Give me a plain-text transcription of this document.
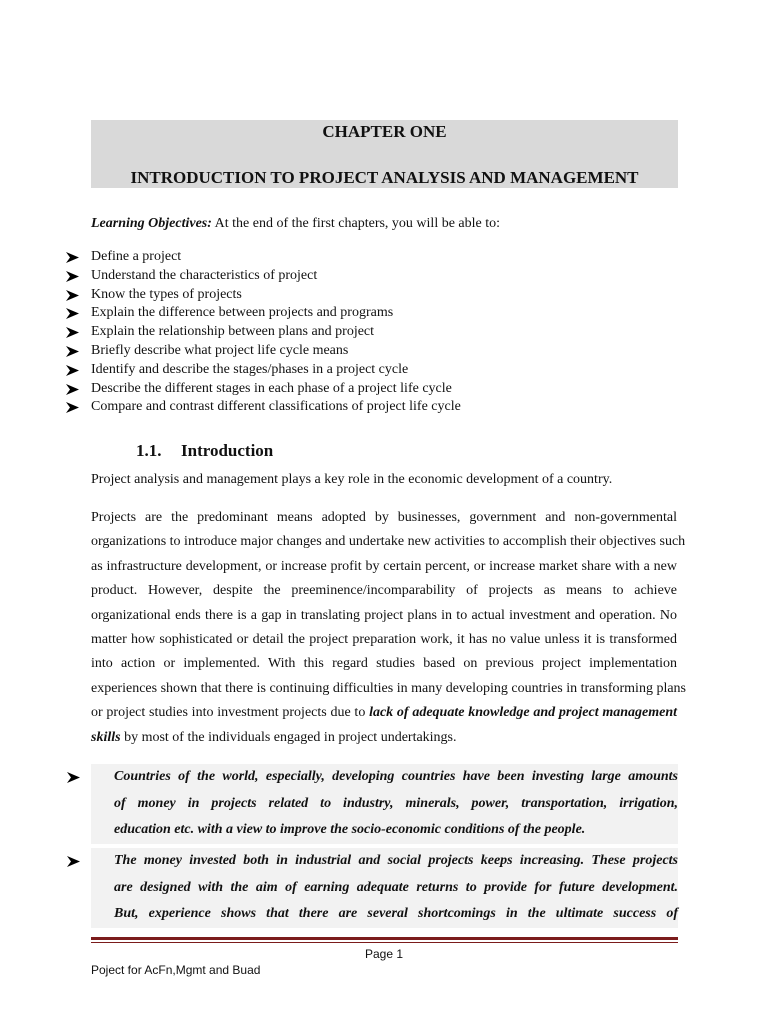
CHAPTER ONE
INTRODUCTION TO PROJECT ANALYSIS AND MANAGEMENT
Learning Objectives: At the end of the first chapters, you will be able to:
Define a project
Understand the characteristics of project
Know the types of projects
Explain the difference between projects and programs
Explain the relationship between plans and project
Briefly describe what project life cycle means
Identify and describe the stages/phases in a project cycle
Describe the different stages in each phase of a project life cycle
Compare and contrast different classifications of project life cycle
1.1. Introduction
Project analysis and management plays a key role in the economic development of a country.
Projects are the predominant means adopted by businesses, government and non-governmental
organizations to introduce major changes and undertake new activities to accomplish their objectives such
as infrastructure development, or increase profit by certain percent, or increase market share with a new
product. However, despite the preeminence/incomparability of projects as means to achieve
organizational ends there is a gap in translating project plans in to actual investment and operation. No
matter how sophisticated or detail the project preparation work, it has no value unless it is transformed
into action or implemented. With this regard studies based on previous project implementation
experiences shown that there is continuing difficulties in many developing countries in transforming plans
or project studies into investment projects due to lack of adequate knowledge and project management
skills by most of the individuals engaged in project undertakings.
Countries of the world, especially, developing countries have been investing large amounts
of money in projects related to industry, minerals, power, transportation, irrigation,
education etc. with a view to improve the socio-economic conditions of the people.
The money invested both in industrial and social projects keeps increasing. These projects
are designed with the aim of earning adequate returns to provide for future development.
But, experience shows that there are several shortcomings in the ultimate success of
Page 1
Poject for AcFn,Mgmt and Buad
